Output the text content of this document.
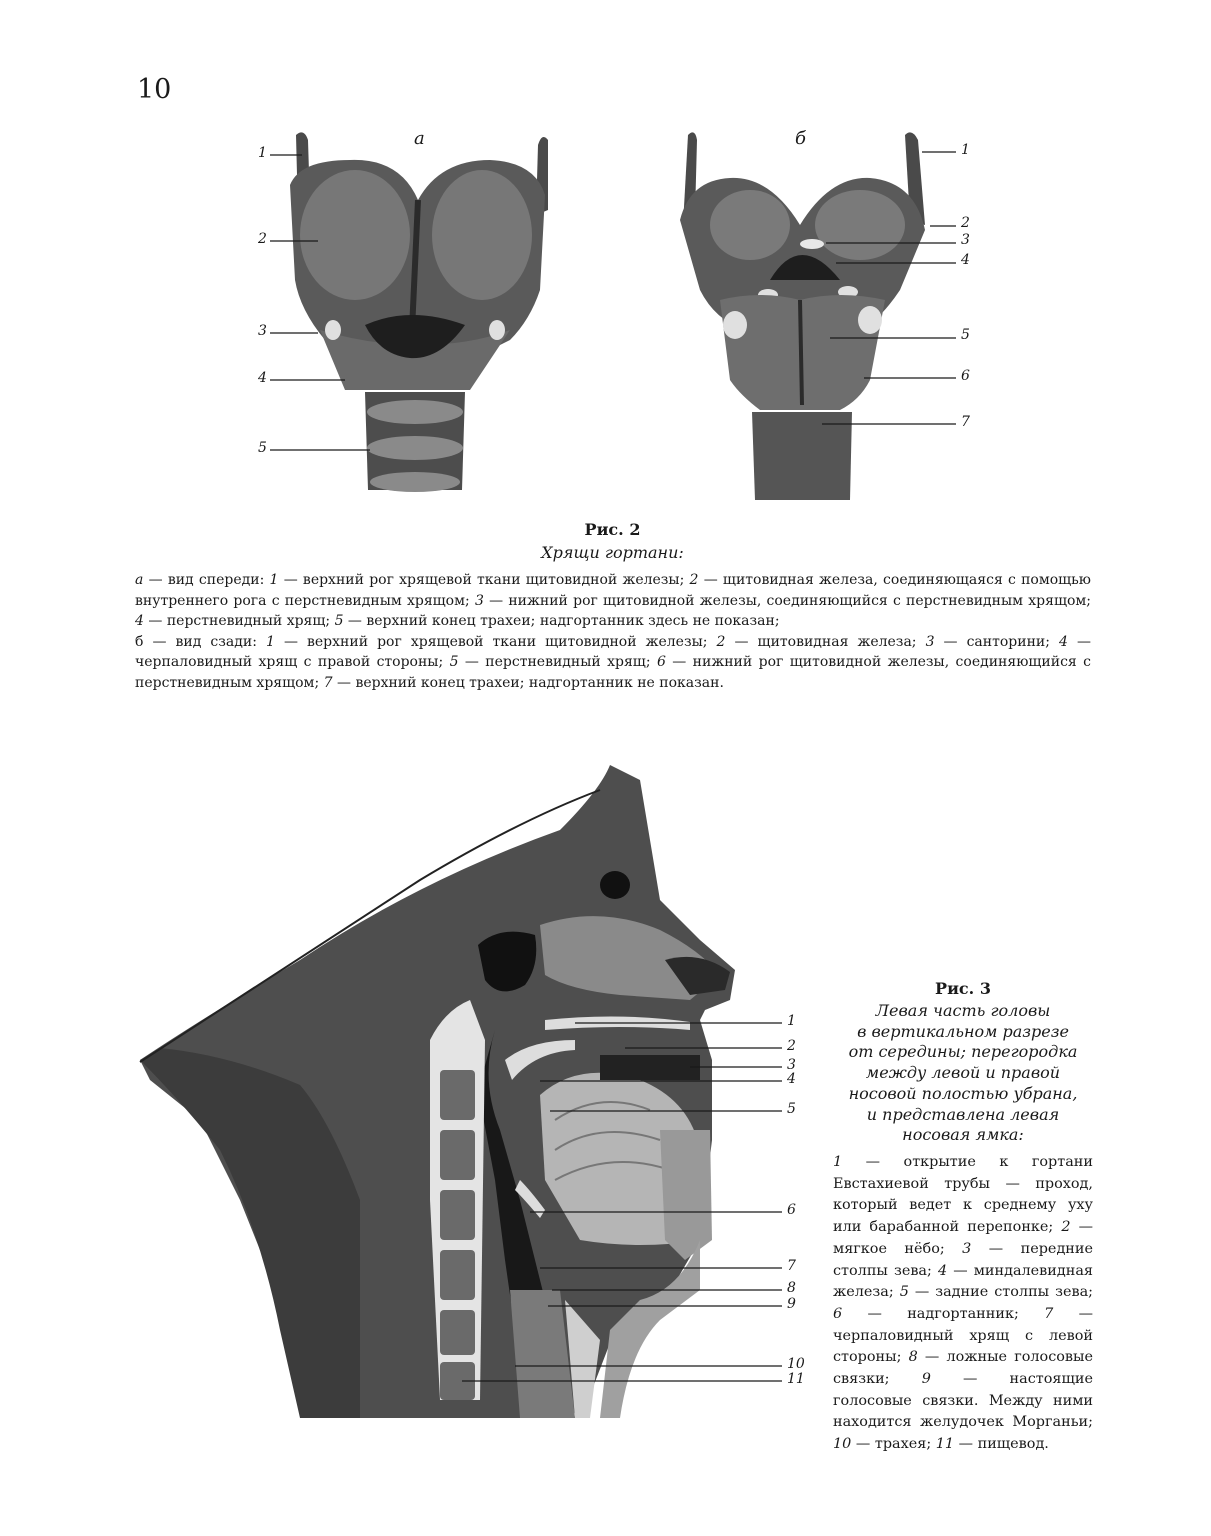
10
а	б
1
2
3
4
5
1
2
3
4
5
6
7
Рис. 2
Хрящи гортани:

а — вид спереди: 1 — верхний рог хрящевой ткани щитовидной железы; 2 — щитовидная железа, соединяющаяся с помощью внутреннего рога с перстневидным хрящом; 3 — нижний рог щитовидной железы, соединяющийся с перстневидным хрящом; 4 — перстневидный хрящ; 5 — верхний конец трахеи; надгортанник здесь не показан;

б — вид сзади: 1 — верхний рог хрящевой ткани щитовидной железы; 2 — щитовидная железа; 3 — санторини; 4 — черпаловидный хрящ с правой стороны; 5 — перстневидный хрящ; 6 — нижний рог щитовидной железы, соединяющийся с перстневидным хрящом; 7 — верхний конец трахеи; надгортанник не показан.

1
2
3
4
5
6
7
8
9
10
11
Рис. 3
Левая часть головы
в вертикальном разрезе
от середины; перегородка
между левой и правой
носовой полостью убрана,
и представлена левая
носовая ямка:
1 — открытие к гортани Евстахиевой трубы — проход, который ведет к среднему уху или барабанной перепонке; 2 — мягкое нёбо; 3 — передние столпы зева; 4 — миндалевидная железа; 5 — задние столпы зева; 6 — надгортанник; 7 — черпаловидный хрящ с левой стороны; 8 — ложные голосовые связки; 9 — настоящие голосовые связки. Между ними находится желудочек Морганьи; 10 — трахея; 11 — пищевод.
